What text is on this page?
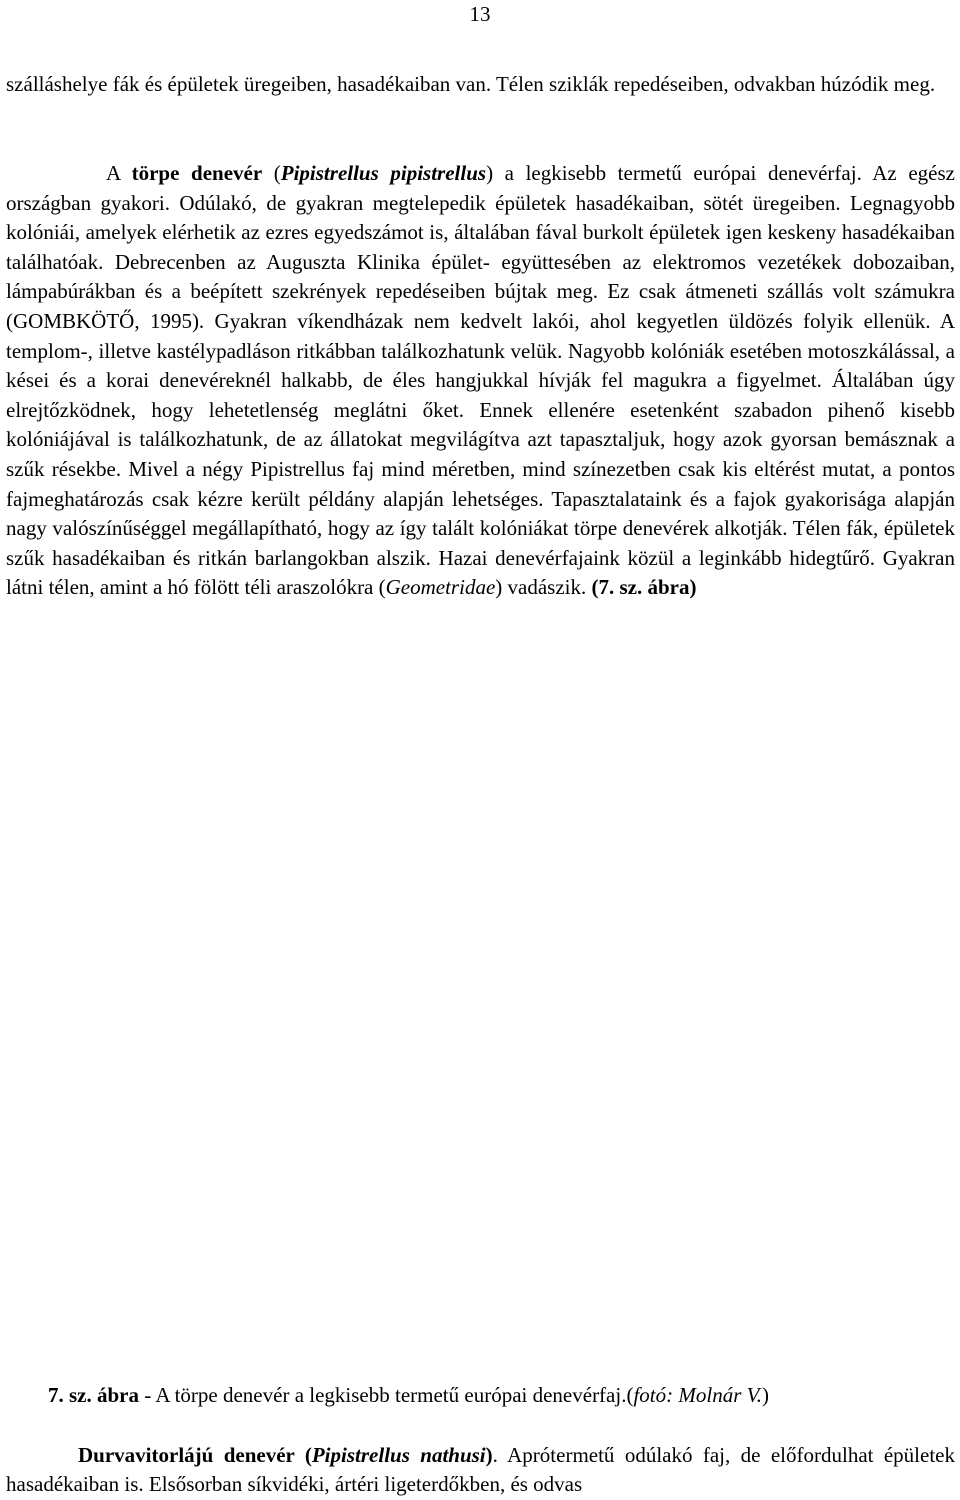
13
szálláshelye fák és épületek üregeiben, hasadékaiban van. Télen sziklák repedéseiben, odvakban húzódik meg.
A törpe denevér (Pipistrellus pipistrellus) a legkisebb termetű európai denevérfaj. Az egész országban gyakori. Odúlakó, de gyakran megtelepedik épületek hasadékaiban, sötét üregeiben. Legnagyobb kolóniái, amelyek elérhetik az ezres egyedszámot is, általában fával burkolt épületek igen keskeny hasadékaiban találhatóak. Debrecenben az Auguszta Klinika épület- együttesében az elektromos vezetékek dobozaiban, lámpabúrákban és a beépített szekrények repedéseiben bújtak meg. Ez csak átmeneti szállás volt számukra (GOMBKÖTŐ, 1995). Gyakran víkendházak nem kedvelt lakói, ahol kegyetlen üldözés folyik ellenük. A templom-, illetve kastélypadláson ritkábban találkozhatunk velük. Nagyobb kolóniák esetében motoszkálással, a kései és a korai denevéreknél halkabb, de éles hangjukkal hívják fel magukra a figyelmet. Általában úgy elrejtőzködnek, hogy lehetetlenség meglátni őket. Ennek ellenére esetenként szabadon pihenő kisebb kolóniájával is találkozhatunk, de az állatokat megvilágítva azt tapasztaljuk, hogy azok gyorsan bemásznak a szűk résekbe. Mivel a négy Pipistrellus faj mind méretben, mind színezetben csak kis eltérést mutat, a pontos fajmeghatározás csak kézre került példány alapján lehetséges. Tapasztalataink és a fajok gyakorisága alapján nagy valószínűséggel megállapítható, hogy az így talált kolóniákat törpe denevérek alkotják. Télen fák, épületek szűk hasadékaiban és ritkán barlangokban alszik. Hazai denevérfajaink közül a leginkább hidegtűrő. Gyakran látni télen, amint a hó fölött téli araszolókra (Geometridae) vadászik. (7. sz. ábra)
7. sz. ábra - A törpe denevér a legkisebb termetű európai denevérfaj.(fotó: Molnár V.)
Durvavitorlájú denevér (Pipistrellus nathusi). Aprótermetű odúlakó faj, de előfordulhat épületek hasadékaiban is. Elsősorban síkvidéki, ártéri ligeterdőkben, és odvas
